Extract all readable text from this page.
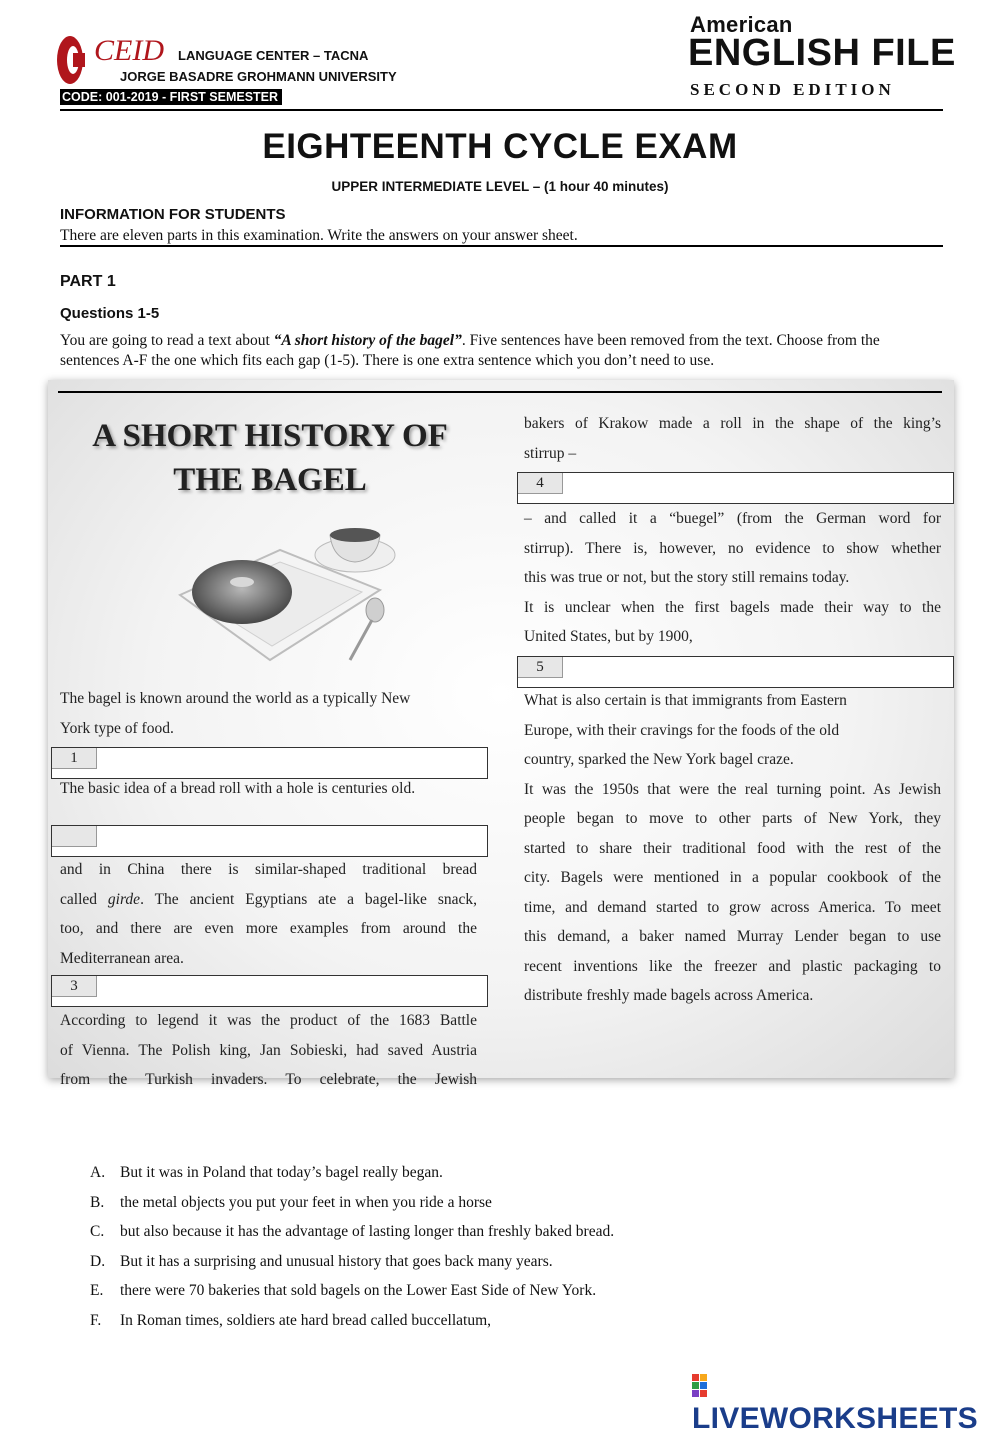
CEID LANGUAGE CENTER – TACNA
JORGE BASADRE GROHMANN UNIVERSITY
CODE: 001-2019 - FIRST SEMESTER
American
ENGLISH FILE
SECOND EDITION
EIGHTEENTH CYCLE EXAM
UPPER INTERMEDIATE LEVEL – (1 hour 40 minutes)
INFORMATION FOR STUDENTS
There are eleven parts in this examination. Write the answers on your answer sheet.
PART 1
Questions 1-5
You are going to read a text about “A short history of the bagel”. Five sentences have been removed from the text. Choose from the sentences A-F the one which fits each gap (1-5). There is one extra sentence which you don’t need to use.
A SHORT HISTORY OF
THE BAGEL
The bagel is known around the world as a typically New
York type of food.
1
The basic idea of a bread roll with a hole is centuries old.
and in China there is similar-shaped traditional bread
called girde. The ancient Egyptians ate a bagel-like snack,
too, and there are even more examples from around the
Mediterranean area.
3
According to legend it was the product of the 1683 Battle
of Vienna. The Polish king, Jan Sobieski, had saved Austria
from the Turkish invaders. To celebrate, the Jewish
bakers of Krakow made a roll in the shape of the king’s
stirrup –
4
– and called it a “buegel” (from the German word for
stirrup). There is, however, no evidence to show whether
this was true or not, but the story still remains today.
It is unclear when the first bagels made their way to the
United States, but by 1900,
5
What is also certain is that immigrants from Eastern
Europe, with their cravings for the foods of the old
country, sparked the New York bagel craze.
It was the 1950s that were the real turning point. As Jewish
people began to move to other parts of New York, they
started to share their traditional food with the rest of the
city. Bagels were mentioned in a popular cookbook of the
time, and demand started to grow across America. To meet
this demand, a baker named Murray Lender began to use
recent inventions like the freezer and plastic packaging to
distribute freshly made bagels across America.
A. But it was in Poland that today’s bagel really began.
B. the metal objects you put your feet in when you ride a horse
C. but also because it has the advantage of lasting longer than freshly baked bread.
D. But it has a surprising and unusual history that goes back many years.
E. there were 70 bakeries that sold bagels on the Lower East Side of New York.
F. In Roman times, soldiers ate hard bread called buccellatum,
LIVEWORKSHEETS
